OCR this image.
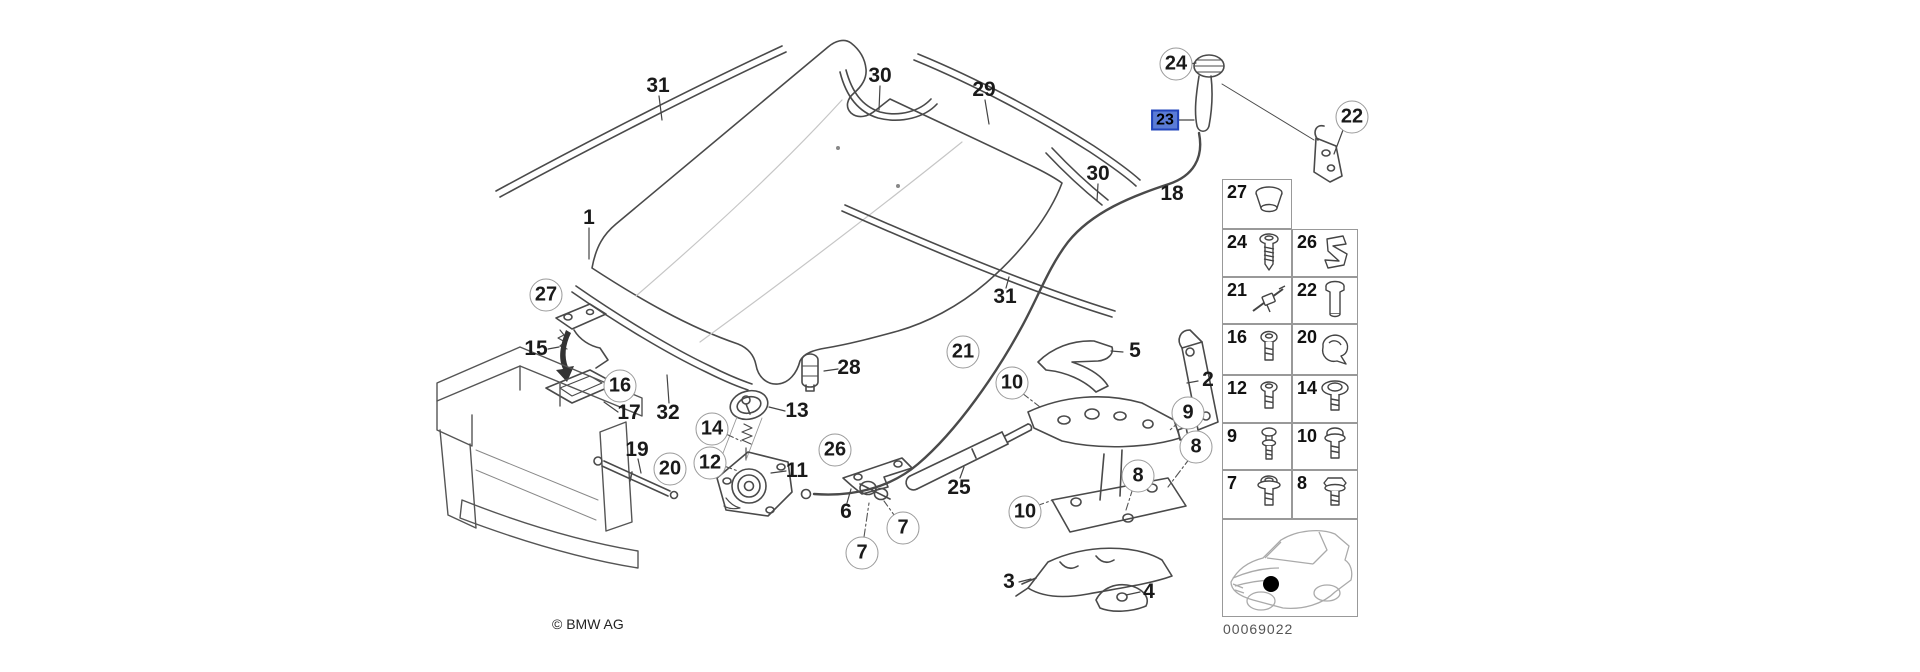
31	30
29
30
1
27
15
16
17 32
19
20
14
12
13
28
11
26
6
7
7
25
21
31
10
10
5
2
9
8
8
3	4
18
24
22
23
27
24	26
21	22
16	20
12	14
9	10
7	8
© BMW AG	00069022
